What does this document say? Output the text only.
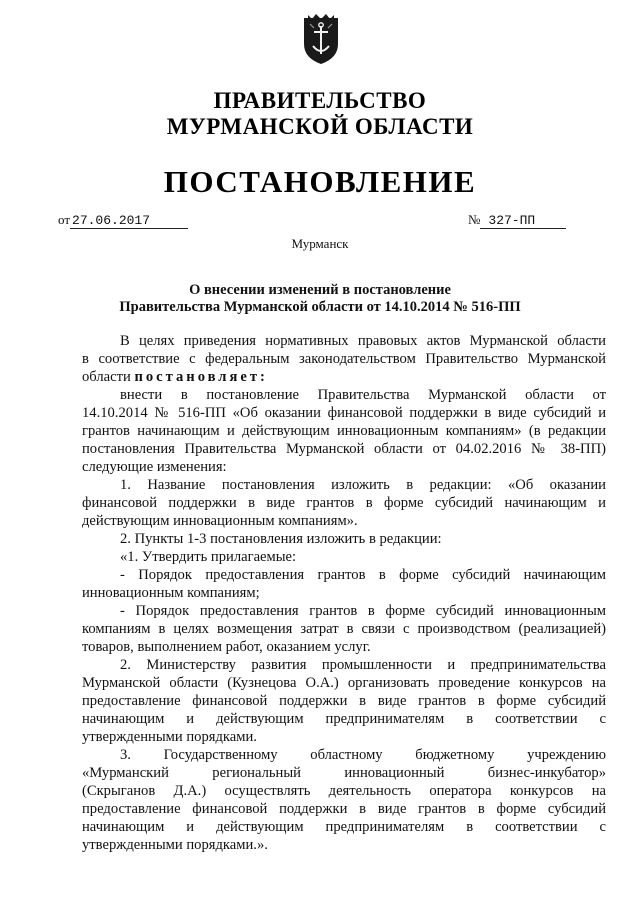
ПРАВИТЕЛЬСТВО
МУРМАНСКОЙ ОБЛАСТИ
ПОСТАНОВЛЕНИЕ
от 27.06.2017	№ 327-ПП
Мурманск
О внесении изменений в постановление
Правительства Мурманской области от 14.10.2014 № 516-ПП
В целях приведения нормативных правовых актов Мурманской области
в соответствие с федеральным законодательством Правительство Мурманской
области постановляет:
внести в постановление Правительства Мурманской области от
14.10.2014 № 516-ПП «Об оказании финансовой поддержки в виде субсидий и
грантов начинающим и действующим инновационным компаниям» (в редакции
постановления Правительства Мурманской области от 04.02.2016 № 38-ПП)
следующие изменения:
1. Название постановления изложить в редакции: «Об оказании
финансовой поддержки в виде грантов в форме субсидий начинающим и
действующим инновационным компаниям».
2. Пункты 1-3 постановления изложить в редакции:
«1. Утвердить прилагаемые:
- Порядок предоставления грантов в форме субсидий начинающим
инновационным компаниям;
- Порядок предоставления грантов в форме субсидий инновационным
компаниям в целях возмещения затрат в связи с производством (реализацией)
товаров, выполнением работ, оказанием услуг.
2. Министерству развития промышленности и предпринимательства
Мурманской области (Кузнецова О.А.) организовать проведение конкурсов на
предоставление финансовой поддержки в виде грантов в форме субсидий
начинающим и действующим предпринимателям в соответствии с
утвержденными порядками.
3. Государственному областному бюджетному учреждению
«Мурманский региональный инновационный бизнес-инкубатор»
(Скрыганов Д.А.) осуществлять деятельность оператора конкурсов на
предоставление финансовой поддержки в виде грантов в форме субсидий
начинающим и действующим предпринимателям в соответствии с
утвержденными порядками.».
